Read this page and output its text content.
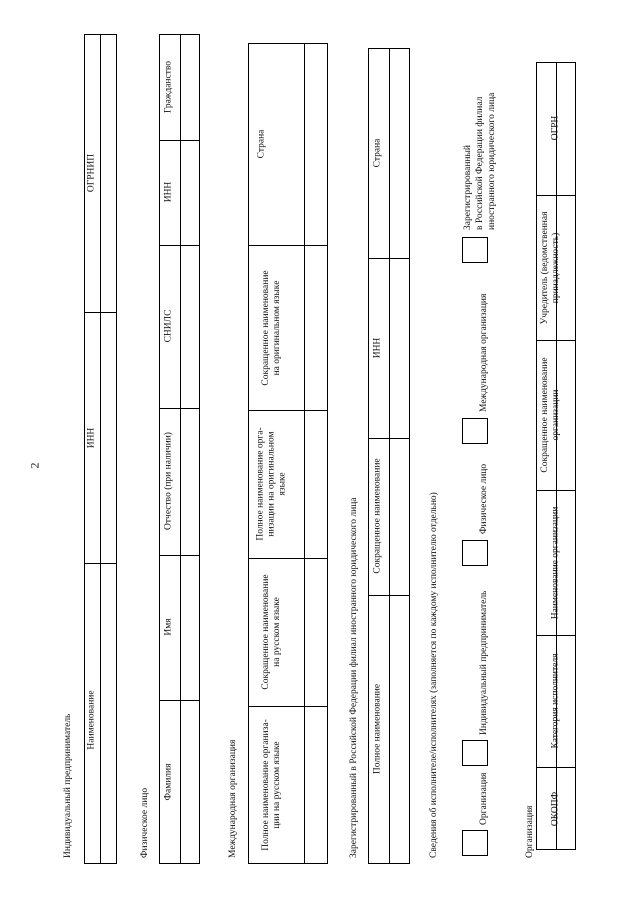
2
Индивидуальный предприниматель Наименование
ИНН
ОГРНИП
Физическое лицо
Фамилия
Имя
Отчество (при наличии)
СНИЛС
ИНН
Гражданство
Международная организация Полное наименование организа- ции на русском языке
Сокращенное наименование на русском языке
Полное наименование орга- низации на оригинальном языке
Сокращенное наименование на оригинальном языке
Страна
Зарегистрированный в Российской Федерации филиал иностранного юридического лица Полное наименование
Сокращенное наименование
ИНН
Страна
Сведения об исполнителе/исполнителях (заполняется по каждому исполнителю отдельно)	Организация
Индивидуальный предприниматель
Физическое лицо
Международная организация
Зарегистрированный в Российской Федерации филиал иностранного юридического лица
Организация ОКОПФ
Категория исполнителя
Наименование организации
Сокращенное наименование организации
Учредитель (ведомственная принадлежность)
ОГРН
